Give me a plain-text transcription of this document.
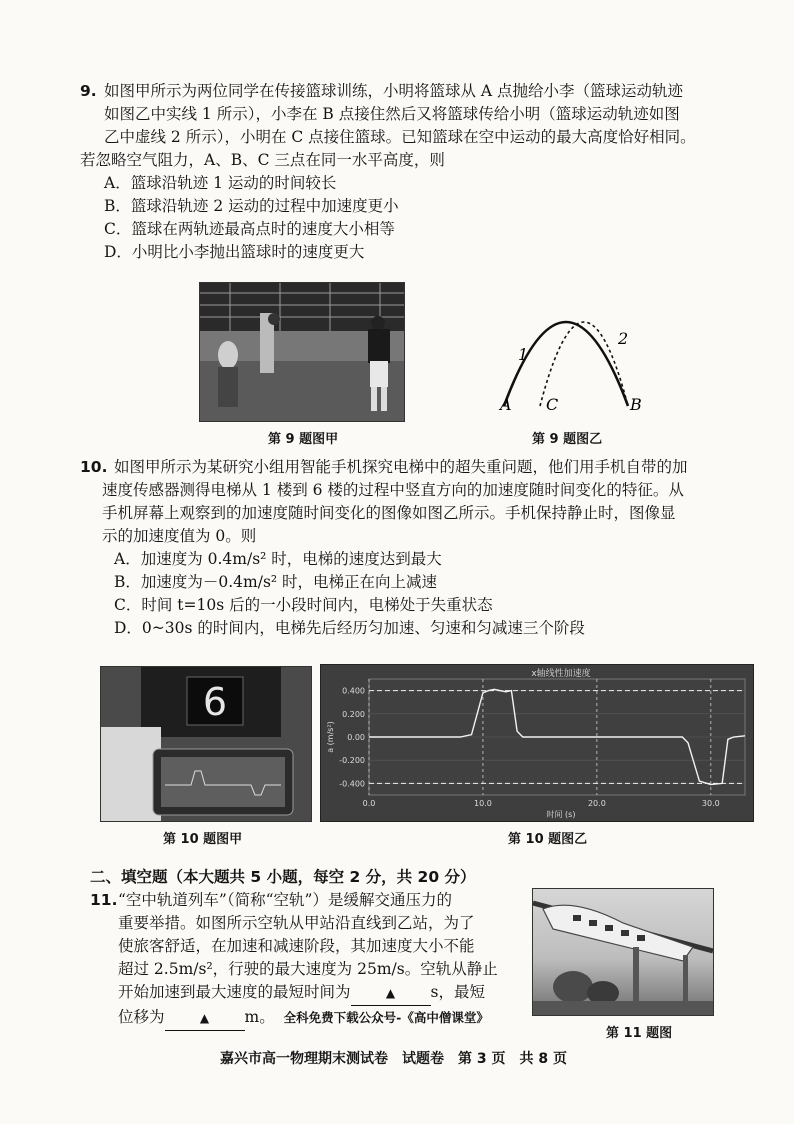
9. 如图甲所示为两位同学在传接篮球训练，小明将篮球从 A 点抛给小李（篮球运动轨迹
如图乙中实线 1 所示），小李在 B 点接住然后又将篮球传给小明（篮球运动轨迹如图
乙中虚线 2 所示），小明在 C 点接住篮球。已知篮球在空中运动的最大高度恰好相同。
若忽略空气阻力，A、B、C 三点在同一水平高度，则
A．篮球沿轨迹 1 运动的时间较长
B．篮球沿轨迹 2 运动的过程中加速度更小
C．篮球在两轨迹最高点时的速度大小相等
D．小明比小李抛出篮球时的速度更大
第 9 题图甲
1
2
A C	B
第 9 题图乙
10. 如图甲所示为某研究小组用智能手机探究电梯中的超失重问题，他们用手机自带的加
速度传感器测得电梯从 1 楼到 6 楼的过程中竖直方向的加速度随时间变化的特征。从
手机屏幕上观察到的加速度随时间变化的图像如图乙所示。手机保持静止时，图像显
示的加速度值为 0。则
A．加速度为 0.4m/s² 时，电梯的速度达到最大
B．加速度为－0.4m/s² 时，电梯正在向上减速
C．时间 t=10s 后的一小段时间内，电梯处于失重状态
D．0~30s 的时间内，电梯先后经历匀加速、匀速和匀减速三个阶段
6
第 10 题图甲
x轴线性加速度
0.400
0.200
0.00
-0.200
-0.400
0.0	10.0	20.0	30.0
时间 (s)
a (m/s²)
第 10 题图乙
二、填空题（本大题共 5 小题，每空 2 分，共 20 分）
11. “空中轨道列车”（简称“空轨”）是缓解交通压力的
重要举措。如图所示空轨从甲站沿直线到乙站，为了
使旅客舒适，在加速和减速阶段，其加速度大小不能
超过 2.5m/s²，行驶的最大速度为 25m/s。空轨从静止
开始加速到最大速度的最短时间为	▲ s，最短
位移为	▲ m。 全科免费下载公众号-《高中僧课堂》
第 11 题图
嘉兴市高一物理期末测试卷　试题卷　第 3 页　共 8 页
